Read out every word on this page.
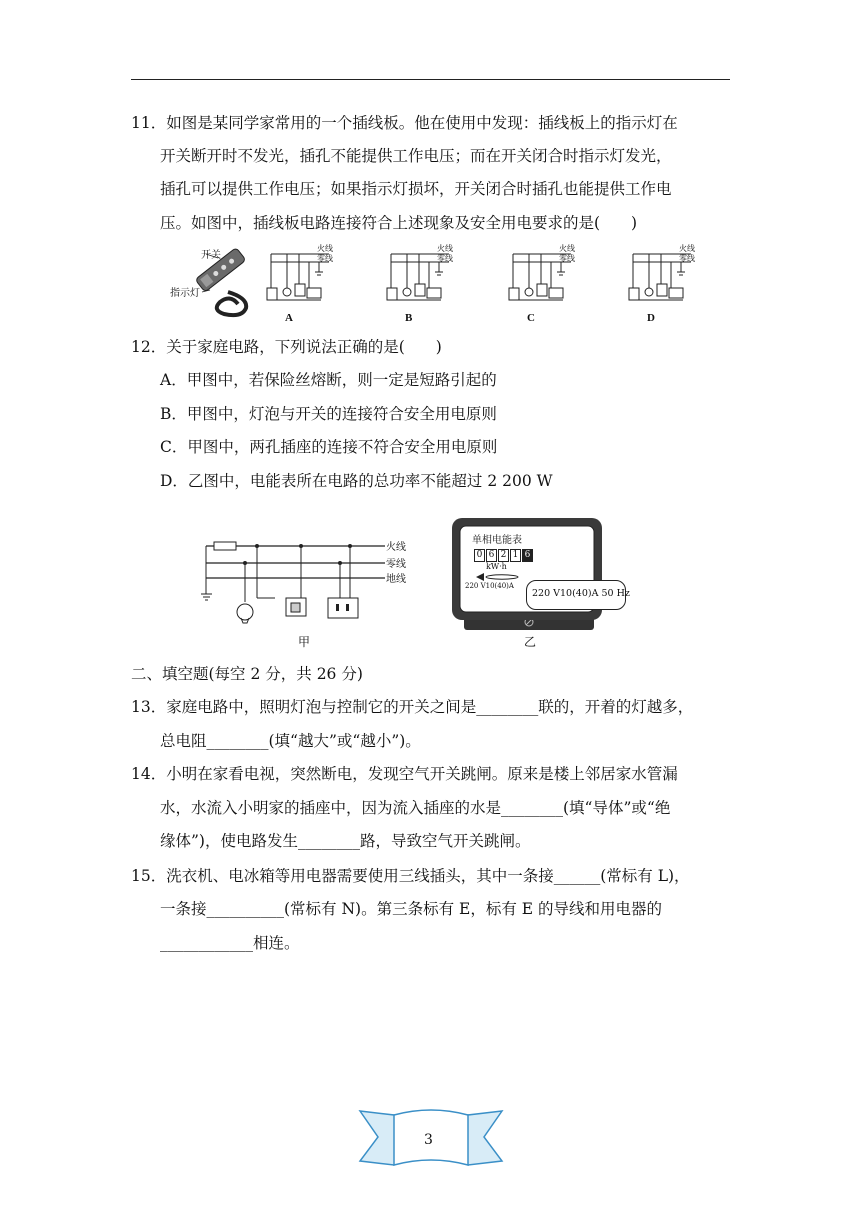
11．如图是某同学家常用的一个插线板。他在使用中发现：插线板上的指示灯在
开关断开时不发光，插孔不能提供工作电压；而在开关闭合时指示灯发光，
插孔可以提供工作电压；如果指示灯损坏，开关闭合时插孔也能提供工作电
压。如图中，插线板电路连接符合上述现象及安全用电要求的是(　　)
开关
指示灯
火线
零线
A
火线
零线
B
火线
零线
C
火线
零线
D
12．关于家庭电路，下列说法正确的是(　　)
A．甲图中，若保险丝熔断，则一定是短路引起的
B．甲图中，灯泡与开关的连接符合安全用电原则
C．甲图中，两孔插座的连接不符合安全用电原则
D．乙图中，电能表所在电路的总功率不能超过 2 200 W
火线
零线
地线
甲
单相电能表
0 6 2 1 6
kW·h
220 V10(40)A
220 V10(40)A 50 Hz
乙
二、填空题(每空 2 分，共 26 分)
13．家庭电路中，照明灯泡与控制它的开关之间是________联的，开着的灯越多，
总电阻________(填“越大”或“越小”)。
14．小明在家看电视，突然断电，发现空气开关跳闸。原来是楼上邻居家水管漏
水，水流入小明家的插座中，因为流入插座的水是________(填“导体”或“绝
缘体”)，使电路发生________路，导致空气开关跳闸。
15．洗衣机、电冰箱等用电器需要使用三线插头，其中一条接______(常标有 L)，
一条接__________(常标有 N)。第三条标有 E，标有 E 的导线和用电器的
____________相连。
3
